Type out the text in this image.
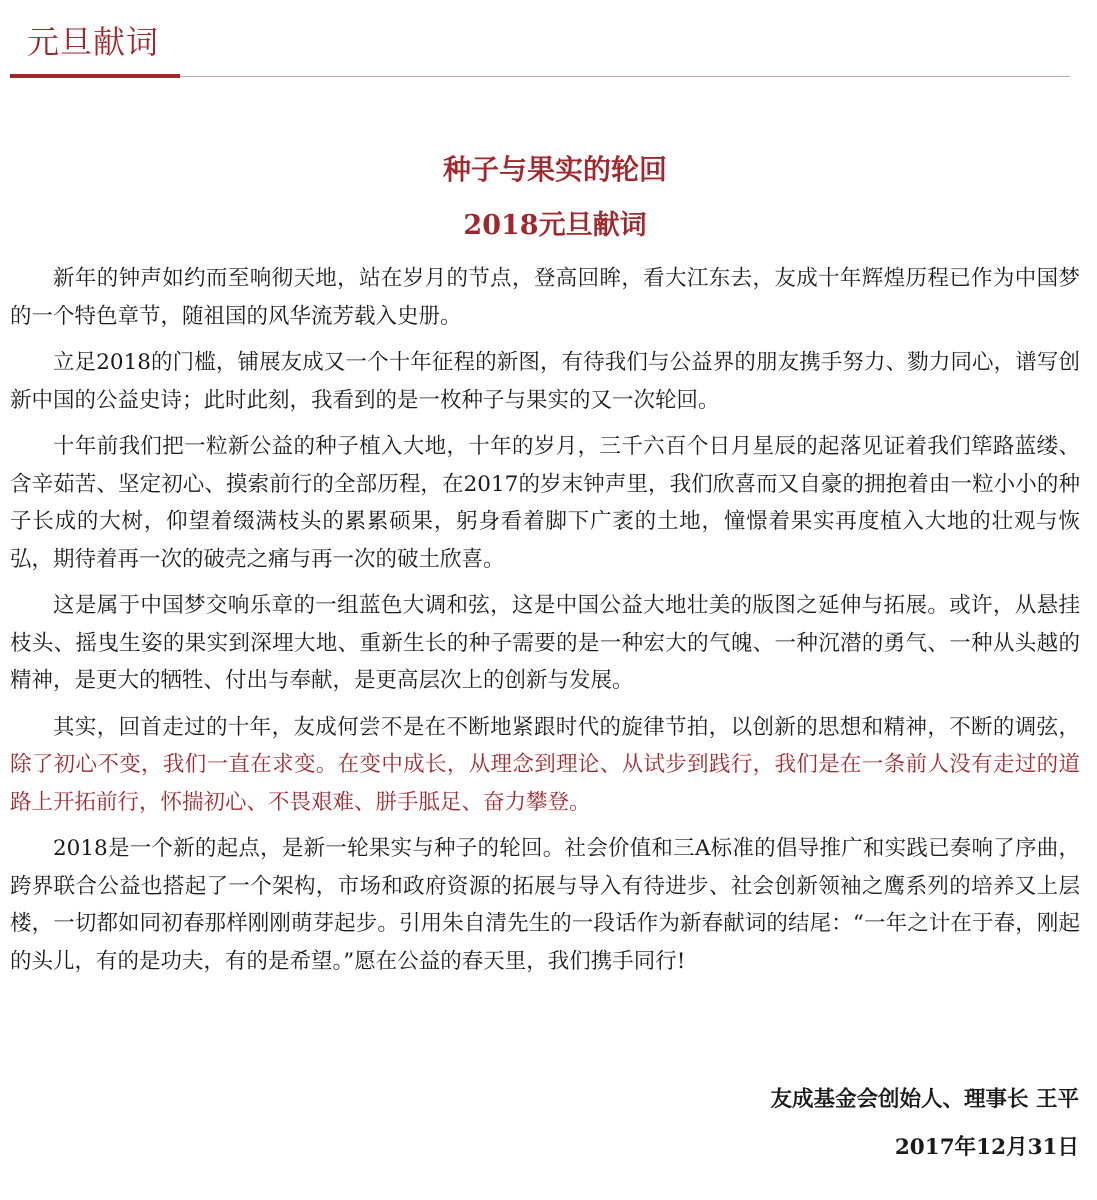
元旦献词
种子与果实的轮回
2018元旦献词

新年的钟声如约而至响彻天地，站在岁月的节点，登高回眸，看大江东去，友成十年辉煌历程已作为中国梦的一个特色章节，随祖国的风华流芳载入史册。

立足2018的门槛，铺展友成又一个十年征程的新图，有待我们与公益界的朋友携手努力、勠力同心，谱写创新中国的公益史诗；此时此刻，我看到的是一枚种子与果实的又一次轮回。

十年前我们把一粒新公益的种子植入大地，十年的岁月，三千六百个日月星辰的起落见证着我们筚路蓝缕、含辛茹苦、坚定初心、摸索前行的全部历程，在2017的岁末钟声里，我们欣喜而又自豪的拥抱着由一粒小小的种子长成的大树，仰望着缀满枝头的累累硕果，躬身看着脚下广袤的土地，憧憬着果实再度植入大地的壮观与恢弘，期待着再一次的破壳之痛与再一次的破土欣喜。

这是属于中国梦交响乐章的一组蓝色大调和弦，这是中国公益大地壮美的版图之延伸与拓展。或许，从悬挂枝头、摇曳生姿的果实到深埋大地、重新生长的种子需要的是一种宏大的气魄、一种沉潜的勇气、一种从头越的精神，是更大的牺牲、付出与奉献，是更高层次上的创新与发展。

其实，回首走过的十年，友成何尝不是在不断地紧跟时代的旋律节拍，以创新的思想和精神，不断的调弦，除了初心不变，我们一直在求变。在变中成长，从理念到理论、从试步到践行，我们是在一条前人没有走过的道路上开拓前行，怀揣初心、不畏艰难、胼手胝足、奋力攀登。

2018是一个新的起点，是新一轮果实与种子的轮回。社会价值和三A标准的倡导推广和实践已奏响了序曲，跨界联合公益也搭起了一个架构，市场和政府资源的拓展与导入有待进步、社会创新领袖之鹰系列的培养又上层楼，一切都如同初春那样刚刚萌芽起步。引用朱自清先生的一段话作为新春献词的结尾：“一年之计在于春，刚起的头儿，有的是功夫，有的是希望。”愿在公益的春天里，我们携手同行!

友成基金会创始人、理事长 王平
2017年12月31日
